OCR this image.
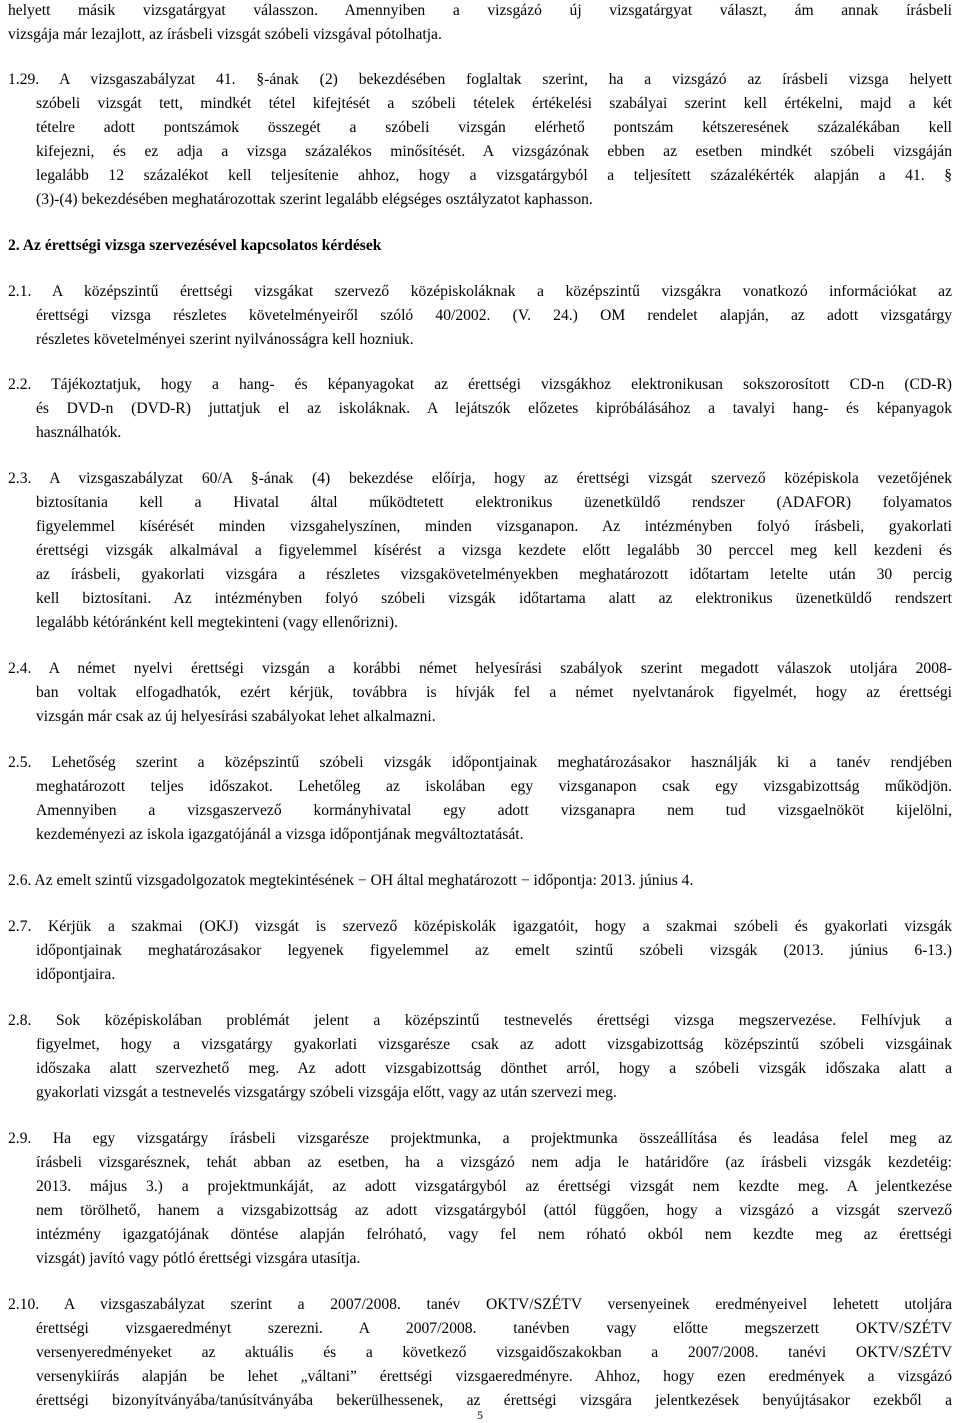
helyett másik vizsgatárgyat válasszon. Amennyiben a vizsgázó új vizsgatárgyat választ, ám annak írásbeli
vizsgája már lezajlott, az írásbeli vizsgát szóbeli vizsgával pótolhatja.
1.29. A vizsgaszabályzat 41. §-ának (2) bekezdésében foglaltak szerint, ha a vizsgázó az írásbeli vizsga helyett
szóbeli vizsgát tett, mindkét tétel kifejtését a szóbeli tételek értékelési szabályai szerint kell értékelni, majd a két
tételre adott pontszámok összegét a szóbeli vizsgán elérhető pontszám kétszeresének százalékában kell
kifejezni, és ez adja a vizsga százalékos minősítését. A vizsgázónak ebben az esetben mindkét szóbeli vizsgáján
legalább 12 százalékot kell teljesítenie ahhoz, hogy a vizsgatárgyból a teljesített százalékérték alapján a 41. §
(3)-(4) bekezdésében meghatározottak szerint legalább elégséges osztályzatot kaphasson.
2. Az érettségi vizsga szervezésével kapcsolatos kérdések
2.1. A középszintű érettségi vizsgákat szervező középiskoláknak a középszintű vizsgákra vonatkozó információkat az
érettségi vizsga részletes követelményeiről szóló 40/2002. (V. 24.) OM rendelet alapján, az adott vizsgatárgy
részletes követelményei szerint nyilvánosságra kell hozniuk.
2.2. Tájékoztatjuk, hogy a hang- és képanyagokat az érettségi vizsgákhoz elektronikusan sokszorosított CD-n (CD-R)
és DVD-n (DVD-R) juttatjuk el az iskoláknak. A lejátszók előzetes kipróbálásához a tavalyi hang- és képanyagok
használhatók.
2.3. A vizsgaszabályzat 60/A §-ának (4) bekezdése előírja, hogy az érettségi vizsgát szervező középiskola vezetőjének
biztosítania kell a Hivatal által működtetett elektronikus üzenetküldő rendszer (ADAFOR) folyamatos
figyelemmel kísérését minden vizsgahelyszínen, minden vizsganapon. Az intézményben folyó írásbeli, gyakorlati
érettségi vizsgák alkalmával a figyelemmel kísérést a vizsga kezdete előtt legalább 30 perccel meg kell kezdeni és
az írásbeli, gyakorlati vizsgára a részletes vizsgakövetelményekben meghatározott időtartam letelte után 30 percig
kell biztosítani. Az intézményben folyó szóbeli vizsgák időtartama alatt az elektronikus üzenetküldő rendszert
legalább kétóránként kell megtekinteni (vagy ellenőrizni).
2.4. A német nyelvi érettségi vizsgán a korábbi német helyesírási szabályok szerint megadott válaszok utoljára 2008-
ban voltak elfogadhatók, ezért kérjük, továbbra is hívják fel a német nyelvtanárok figyelmét, hogy az érettségi
vizsgán már csak az új helyesírási szabályokat lehet alkalmazni.
2.5. Lehetőség szerint a középszintű szóbeli vizsgák időpontjainak meghatározásakor használják ki a tanév rendjében
meghatározott teljes időszakot. Lehetőleg az iskolában egy vizsganapon csak egy vizsgabizottság működjön.
Amennyiben a vizsgaszervező kormányhivatal egy adott vizsganapra nem tud vizsgaelnököt kijelölni,
kezdeményezi az iskola igazgatójánál a vizsga időpontjának megváltoztatását.
2.6. Az emelt szintű vizsgadolgozatok megtekintésének − OH által meghatározott − időpontja: 2013. június 4.
2.7. Kérjük a szakmai (OKJ) vizsgát is szervező középiskolák igazgatóit, hogy a szakmai szóbeli és gyakorlati vizsgák
időpontjainak meghatározásakor legyenek figyelemmel az emelt szintű szóbeli vizsgák (2013. június 6-13.)
időpontjaira.
2.8. Sok középiskolában problémát jelent a középszintű testnevelés érettségi vizsga megszervezése. Felhívjuk a
figyelmet, hogy a vizsgatárgy gyakorlati vizsgarésze csak az adott vizsgabizottság középszintű szóbeli vizsgáinak
időszaka alatt szervezhető meg. Az adott vizsgabizottság dönthet arról, hogy a szóbeli vizsgák időszaka alatt a
gyakorlati vizsgát a testnevelés vizsgatárgy szóbeli vizsgája előtt, vagy az után szervezi meg.
2.9. Ha egy vizsgatárgy írásbeli vizsgarésze projektmunka, a projektmunka összeállítása és leadása felel meg az
írásbeli vizsgarésznek, tehát abban az esetben, ha a vizsgázó nem adja le határidőre (az írásbeli vizsgák kezdetéig:
2013. május 3.) a projektmunkáját, az adott vizsgatárgyból az érettségi vizsgát nem kezdte meg. A jelentkezése
nem törölhető, hanem a vizsgabizottság az adott vizsgatárgyból (attól függően, hogy a vizsgázó a vizsgát szervező
intézmény igazgatójának döntése alapján felróható, vagy fel nem róható okból nem kezdte meg az érettségi
vizsgát) javító vagy pótló érettségi vizsgára utasítja.
2.10. A vizsgaszabályzat szerint a 2007/2008. tanév OKTV/SZÉTV versenyeinek eredményeivel lehetett utoljára
érettségi vizsgaeredményt szerezni. A 2007/2008. tanévben vagy előtte megszerzett OKTV/SZÉTV
versenyeredményeket az aktuális és a következő vizsgaidőszakokban a 2007/2008. tanévi OKTV/SZÉTV
versenykiírás alapján be lehet „váltani” érettségi vizsgaeredményre. Ahhoz, hogy ezen eredmények a vizsgázó
érettségi bizonyítványába/tanúsítványába bekerülhessenek, az érettségi vizsgára jelentkezések benyújtásakor ezekből a
5
